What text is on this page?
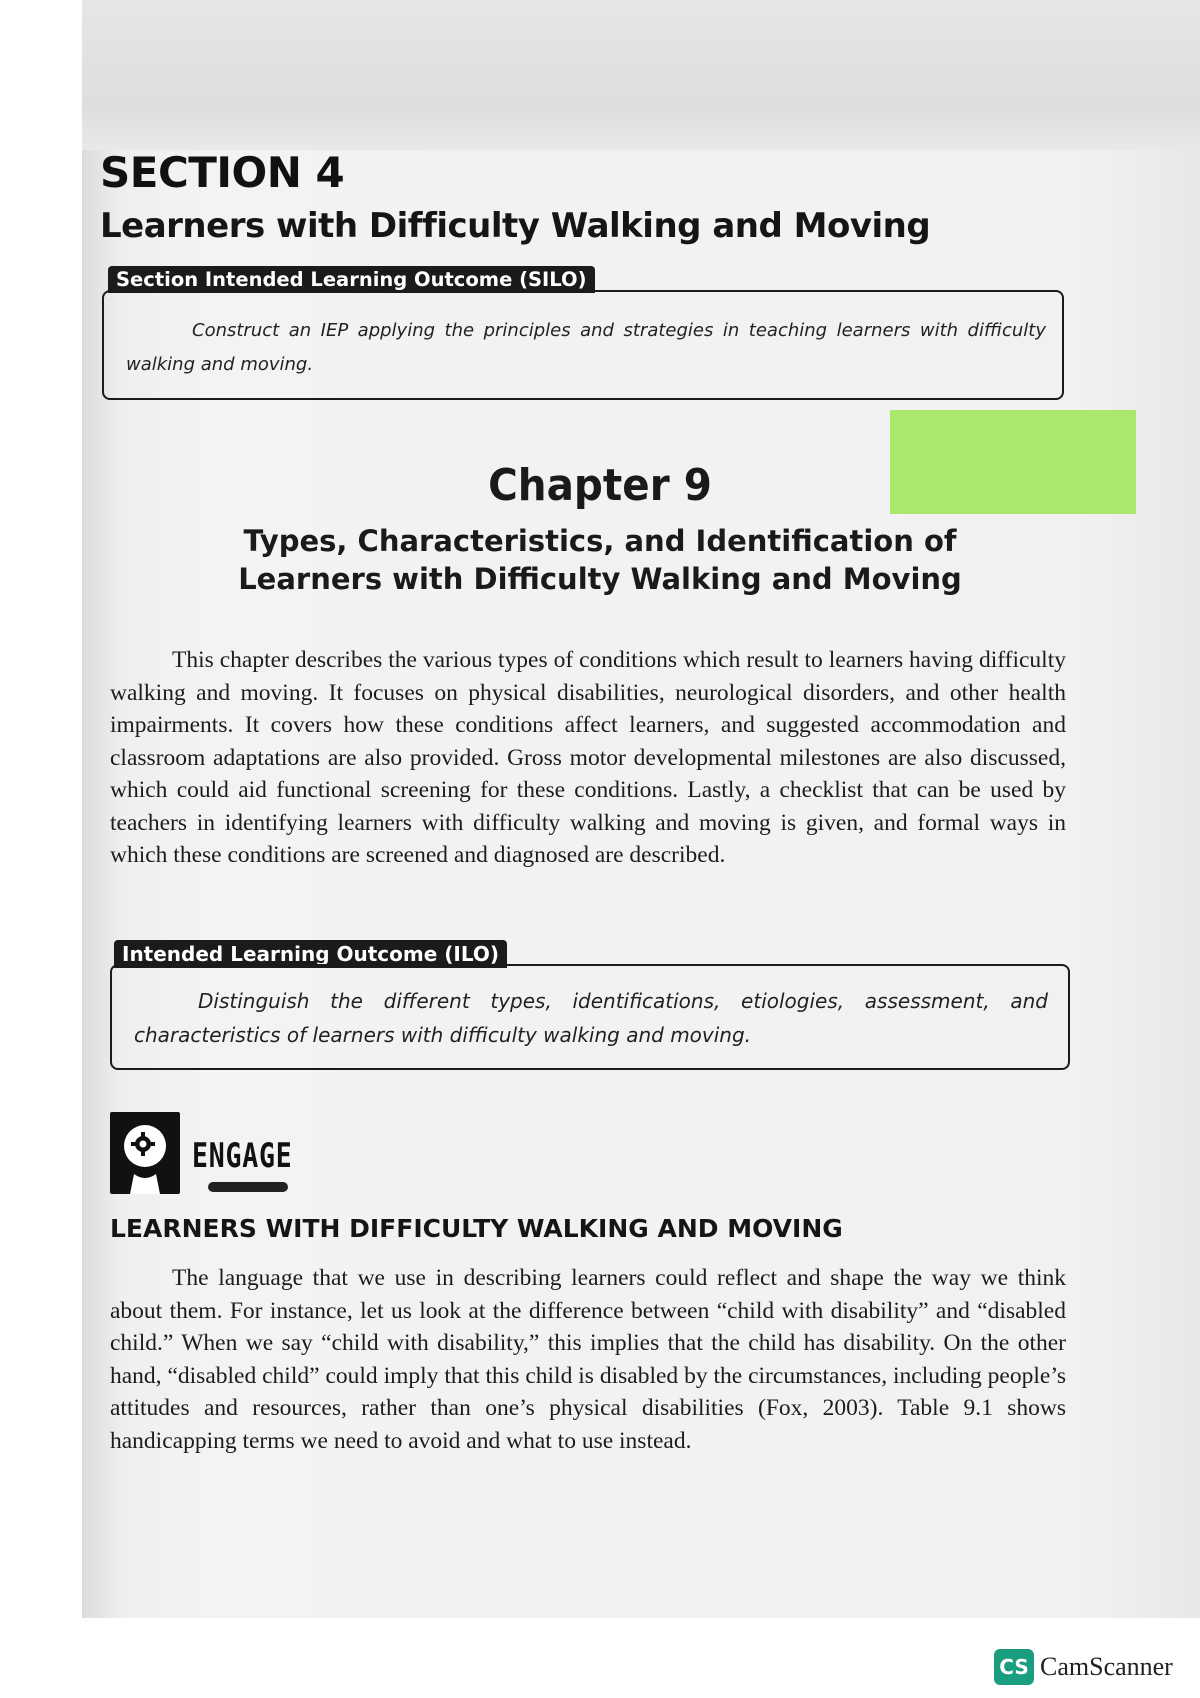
SECTION 4
Learners with Difficulty Walking and Moving
Section Intended Learning Outcome (SILO)
Construct an IEP applying the principles and strategies in teaching learners with difficulty walking and moving.
Chapter 9
Types, Characteristics, and Identification of
Learners with Difficulty Walking and Moving
This chapter describes the various types of conditions which result to learners having difficulty walking and moving. It focuses on physical disabilities, neurological disorders, and other health impairments. It covers how these conditions affect learners, and suggested accommodation and classroom adaptations are also provided. Gross motor developmental milestones are also discussed, which could aid functional screening for these conditions. Lastly, a checklist that can be used by teachers in identifying learners with difficulty walking and moving is given, and formal ways in which these conditions are screened and diagnosed are described.
Intended Learning Outcome (ILO)
Distinguish the different types, identifications, etiologies, assessment, and characteristics of learners with difficulty walking and moving.
ENGAGE
LEARNERS WITH DIFFICULTY WALKING AND MOVING
The language that we use in describing learners could reflect and shape the way we think about them. For instance, let us look at the difference between “child with disability” and “disabled child.” When we say “child with disability,” this implies that the child has disability. On the other hand, “disabled child” could imply that this child is disabled by the circumstances, including people’s attitudes and resources, rather than one’s physical disabilities (Fox, 2003). Table 9.1 shows handicapping terms we need to avoid and what to use instead.
CS CamScanner
